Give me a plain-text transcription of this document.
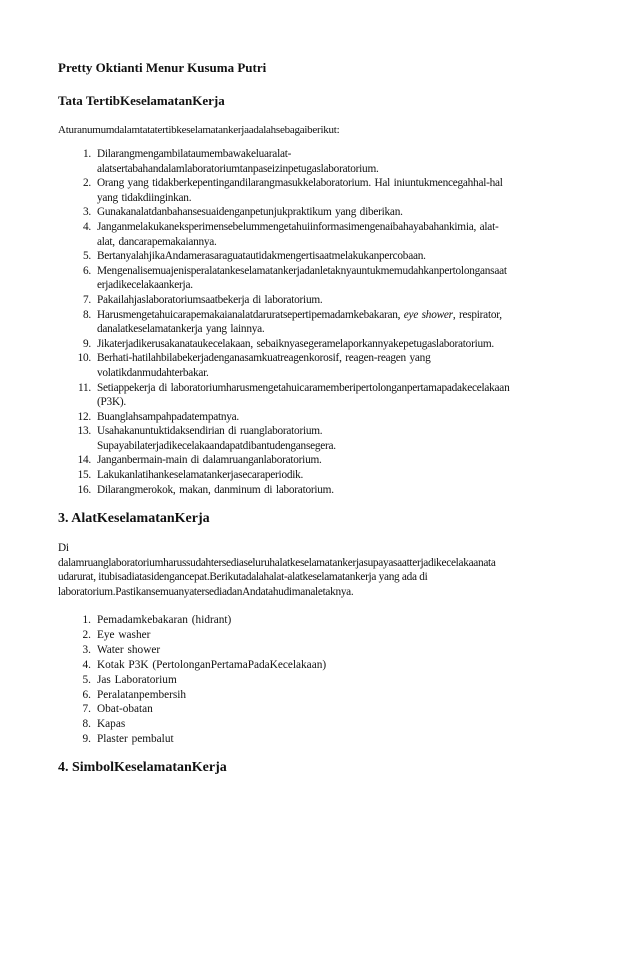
Pretty Oktianti Menur Kusuma Putri

Tata TertibKeselamatanKerja

Aturanumumdalamtatatertibkeselamatankerjaadalahsebagaiberikut:

1. Dilarangmengambilataumembawakeluaralat-
alatsertabahandalamlaboratoriumtanpaseizinpetugaslaboratorium.
2. Orang yang tidakberkepentingandilarangmasukkelaboratorium. Hal iniuntukmencegahhal-hal
yang tidakdiinginkan.
3. Gunakanalatdanbahansesuaidenganpetunjukpraktikum yang diberikan.
4. Janganmelakukaneksperimensebelummengetahuiinformasimengenaibahayabahankimia, alat-
alat, dancarapemakaiannya.
5. BertanyalahjikaAndamerasaraguatautidakmengertisaatmelakukanpercobaan.
6. Mengenalisemuajenisperalatankeselamatankerjadanletaknyauntukmemudahkanpertolongansaat
erjadikecelakaankerja.
7. Pakailahjaslaboratoriumsaatbekerja di laboratorium.
8. Harusmengetahuicarapemakaianalatdaruratsepertipemadamkebakaran, eye shower, respirator,
danalatkeselamatankerja yang lainnya.
9. Jikaterjadikerusakanataukecelakaan, sebaiknyasegeramelaporkannyakepetugaslaboratorium.
10. Berhati-hatilahbilabekerjadenganasamkuatreagenkorosif, reagen-reagen yang
volatikdanmudahterbakar.
11. Setiappekerja di laboratoriumharusmengetahuicaramemberipertolonganpertamapadakecelakaan
(P3K).
12. Buanglahsampahpadatempatnya.
13. Usahakanuntuktidaksendirian di ruanglaboratorium.
Supayabilaterjadikecelakaandapatdibantudengansegera.
14. Janganbermain-main di dalamruanganlaboratorium.
15. Lakukanlatihankeselamatankerjasecaraperiodik.
16. Dilarangmerokok, makan, danminum di laboratorium.

3. AlatKeselamatanKerja

Di
dalamruanglaboratoriumharussudahtersediaseluruhalatkeselamatankerjasupayasaatterjadikecelakaanata
udarurat, itubisadiatasidengancepat.Berikutadalahalat-alatkeselamatankerja yang ada di
laboratorium.PastikansemuanyatersediadanAndatahudimanaletaknya.

1. Pemadamkebakaran (hidrant)
2. Eye washer
3. Water shower
4. Kotak P3K (PertolonganPertamaPadaKecelakaan)
5. Jas Laboratorium
6. Peralatanpembersih
7. Obat-obatan
8. Kapas
9. Plaster pembalut

4. SimbolKeselamatanKerja
